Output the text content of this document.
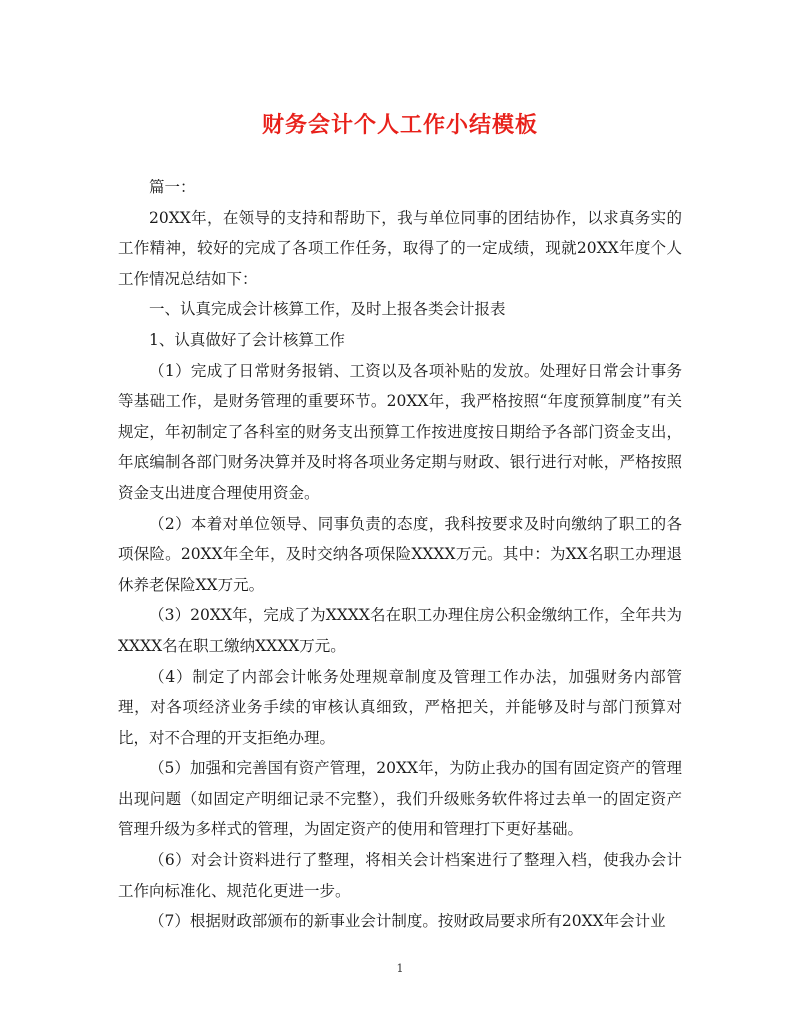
财务会计个人工作小结模板

篇一：

20XX年，在领导的支持和帮助下，我与单位同事的团结协作，以求真务实的工作精神，较好的完成了各项工作任务，取得了的一定成绩，现就20XX年度个人工作情况总结如下：

一、认真完成会计核算工作，及时上报各类会计报表

1、认真做好了会计核算工作

（1）完成了日常财务报销、工资以及各项补贴的发放。处理好日常会计事务等基础工作，是财务管理的重要环节。20XX年，我严格按照“年度预算制度”有关规定，年初制定了各科室的财务支出预算工作按进度按日期给予各部门资金支出，年底编制各部门财务决算并及时将各项业务定期与财政、银行进行对帐，严格按照资金支出进度合理使用资金。

（2）本着对单位领导、同事负责的态度，我科按要求及时向缴纳了职工的各项保险。20XX年全年，及时交纳各项保险XXXX万元。其中：为XX名职工办理退休养老保险XX万元。

（3）20XX年，完成了为XXXX名在职工办理住房公积金缴纳工作，全年共为XXXX名在职工缴纳XXXX万元。

（4）制定了内部会计帐务处理规章制度及管理工作办法，加强财务内部管理，对各项经济业务手续的审核认真细致，严格把关，并能够及时与部门预算对比，对不合理的开支拒绝办理。

（5）加强和完善国有资产管理，20XX年，为防止我办的国有固定资产的管理出现问题（如固定产明细记录不完整），我们升级账务软件将过去单一的固定资产管理升级为多样式的管理，为固定资产的使用和管理打下更好基础。

（6）对会计资料进行了整理，将相关会计档案进行了整理入档，使我办会计工作向标准化、规范化更进一步。

（7）根据财政部颁布的新事业会计制度。按财政局要求所有20XX年会计业

1
